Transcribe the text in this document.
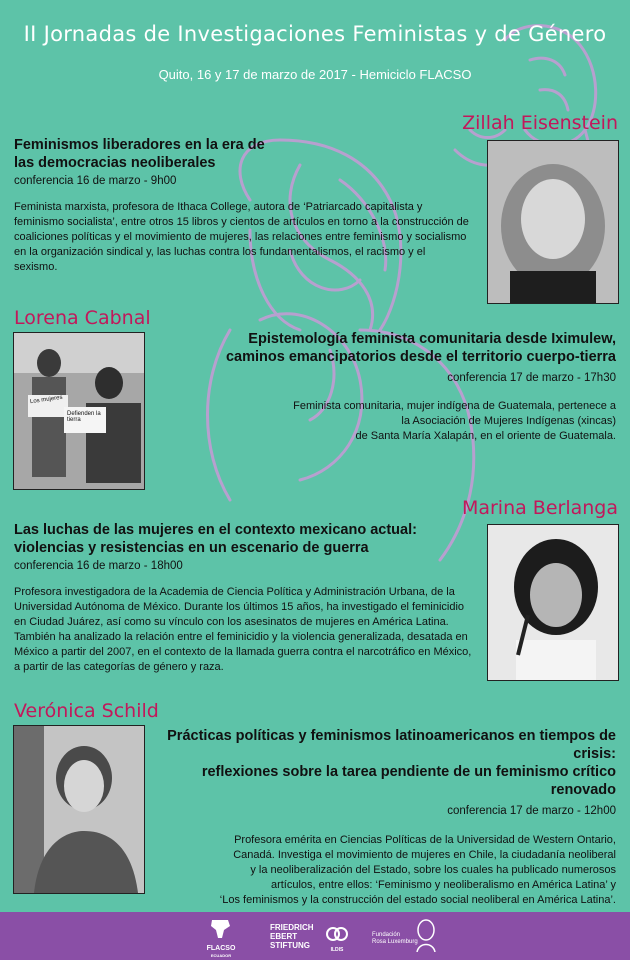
II Jornadas de Investigaciones Feministas y de Género
Quito, 16 y 17 de marzo de 2017 - Hemiciclo FLACSO
Zillah Eisenstein
Feminismos liberadores en la era de
las democracias neoliberales
conferencia 16 de marzo - 9h00
Feminista marxista, profesora de Ithaca College, autora de ‘Patriarcado capitalista y feminismo socialista’, entre otros 15 libros y cientos de artículos en torno a la construcción de coaliciones políticas y el movimiento de mujeres, las relaciones entre feminismo y socialismo en la organización sindical y, las luchas contra los fundamentalismos, el racismo y el sexismo.
Lorena Cabnal
Los mujeres
Defienden la tierra
Epistemología feminista comunitaria desde Iximulew,
caminos emancipatorios desde el territorio cuerpo-tierra
conferencia 17 de marzo - 17h30
Feminista comunitaria, mujer indígena de Guatemala, pertenece a
la Asociación de Mujeres Indígenas (xincas)
de Santa María Xalapán, en el oriente de Guatemala.
Marina Berlanga
Las luchas de las mujeres en el contexto mexicano actual:
violencias y resistencias en un escenario de guerra
conferencia 16 de marzo - 18h00
Profesora investigadora de la Academia de Ciencia Política y Administración Urbana, de la Universidad Autónoma de México. Durante los últimos 15 años, ha investigado el feminicidio en Ciudad Juárez, así como su vínculo con los asesinatos de mujeres en América Latina. También ha analizado la relación entre el feminicidio y la violencia generalizada, desatada en México a partir del 2007, en el contexto de la llamada guerra contra el narcotráfico en México, a partir de las categorías de género y raza.
Verónica Schild
Prácticas políticas y feminismos latinoamericanos en tiempos de crisis:
reflexiones sobre la tarea pendiente de un feminismo crítico renovado
conferencia 17 de marzo - 12h00
Profesora emérita en Ciencias Políticas de la Universidad de Western Ontario,
Canadá. Investiga el movimiento de mujeres en Chile, la ciudadanía neoliberal
y la neoliberalización del Estado, sobre los cuales ha publicado numerosos
artículos, entre ellos: ‘Feminismo y neoliberalismo en América Latina’ y
‘Los feminismos y la construcción del estado social neoliberal en América Latina’.
FLACSO
ECUADOR
FRIEDRICH
EBERT
STIFTUNG	ILDIS
Fundación
Rosa Luxemburg
